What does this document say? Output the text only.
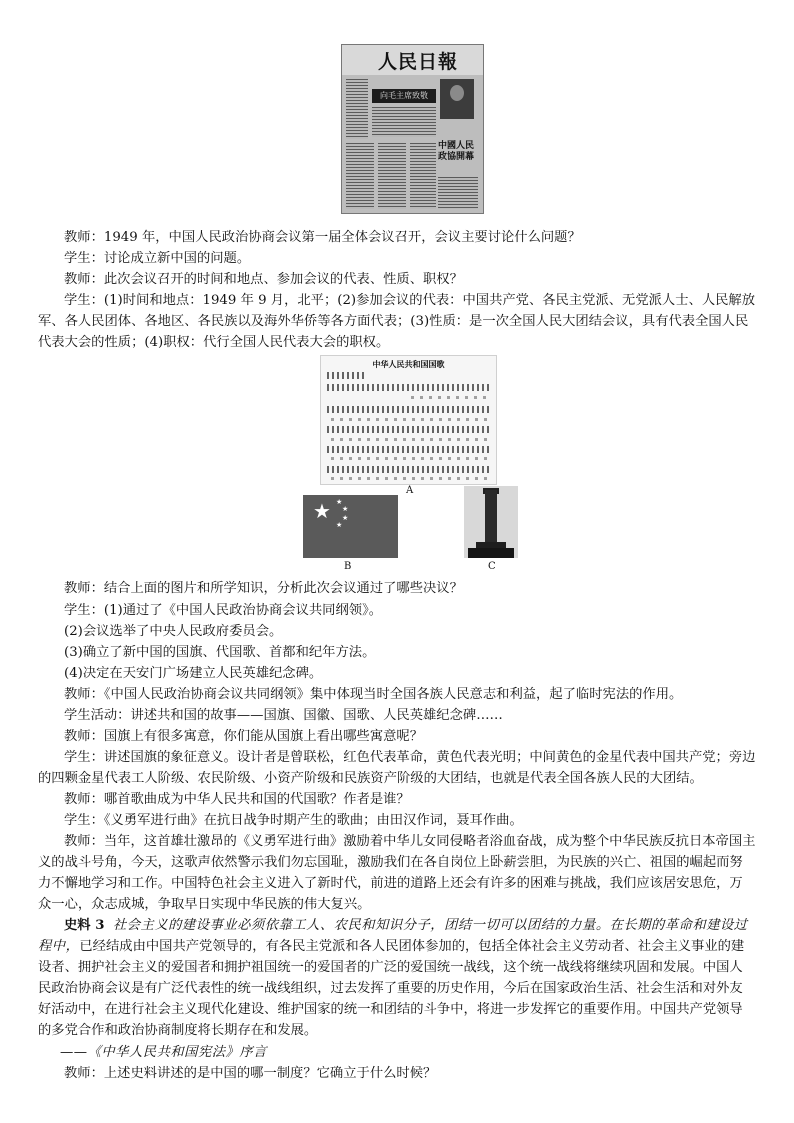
人民日報
向毛主席致敬
中國人民政協開幕

教师：1949 年，中国人民政治协商会议第一届全体会议召开，会议主要讨论什么问题？

学生：讨论成立新中国的问题。

教师：此次会议召开的时间和地点、参加会议的代表、性质、职权？

学生：(1)时间和地点：1949 年 9 月，北平；(2)参加会议的代表：中国共产党、各民主党派、无党派人士、人民解放军、各人民团体、各地区、各民族以及海外华侨等各方面代表；(3)性质：是一次全国人民大团结会议，具有代表全国人民代表大会的性质；(4)职权：代行全国人民代表大会的职权。

中华人民共和国国歌
A
★ ★
★
★
★
B	C

教师：结合上面的图片和所学知识，分析此次会议通过了哪些决议？

学生：(1)通过了《中国人民政治协商会议共同纲领》。

(2)会议选举了中央人民政府委员会。

(3)确立了新中国的国旗、代国歌、首都和纪年方法。

(4)决定在天安门广场建立人民英雄纪念碑。

教师：《中国人民政治协商会议共同纲领》集中体现当时全国各族人民意志和利益，起了临时宪法的作用。

学生活动：讲述共和国的故事——国旗、国徽、国歌、人民英雄纪念碑……

教师：国旗上有很多寓意，你们能从国旗上看出哪些寓意呢？

学生：讲述国旗的象征意义。设计者是曾联松，红色代表革命，黄色代表光明；中间黄色的金星代表中国共产党；旁边的四颗金星代表工人阶级、农民阶级、小资产阶级和民族资产阶级的大团结，也就是代表全国各族人民的大团结。

教师：哪首歌曲成为中华人民共和国的代国歌？作者是谁？

学生：《义勇军进行曲》在抗日战争时期产生的歌曲；由田汉作词，聂耳作曲。

教师：当年，这首雄壮激昂的《义勇军进行曲》激励着中华儿女同侵略者浴血奋战，成为整个中华民族反抗日本帝国主义的战斗号角，今天，这歌声依然警示我们勿忘国耻，激励我们在各自岗位上卧薪尝胆，为民族的兴亡、祖国的崛起而努力不懈地学习和工作。中国特色社会主义进入了新时代，前进的道路上还会有许多的困难与挑战，我们应该居安思危，万众一心，众志成城，争取早日实现中华民族的伟大复兴。

史料 3 社会主义的建设事业必须依靠工人、农民和知识分子，团结一切可以团结的力量。在长期的革命和建设过程中，已经结成由中国共产党领导的，有各民主党派和各人民团体参加的，包括全体社会主义劳动者、社会主义事业的建设者、拥护社会主义的爱国者和拥护祖国统一的爱国者的广泛的爱国统一战线，这个统一战线将继续巩固和发展。中国人民政治协商会议是有广泛代表性的统一战线组织，过去发挥了重要的历史作用，今后在国家政治生活、社会生活和对外友好活动中，在进行社会主义现代化建设、维护国家的统一和团结的斗争中，将进一步发挥它的重要作用。中国共产党领导的多党合作和政治协商制度将长期存在和发展。

——《中华人民共和国宪法》序言

教师：上述史料讲述的是中国的哪一制度？它确立于什么时候？
